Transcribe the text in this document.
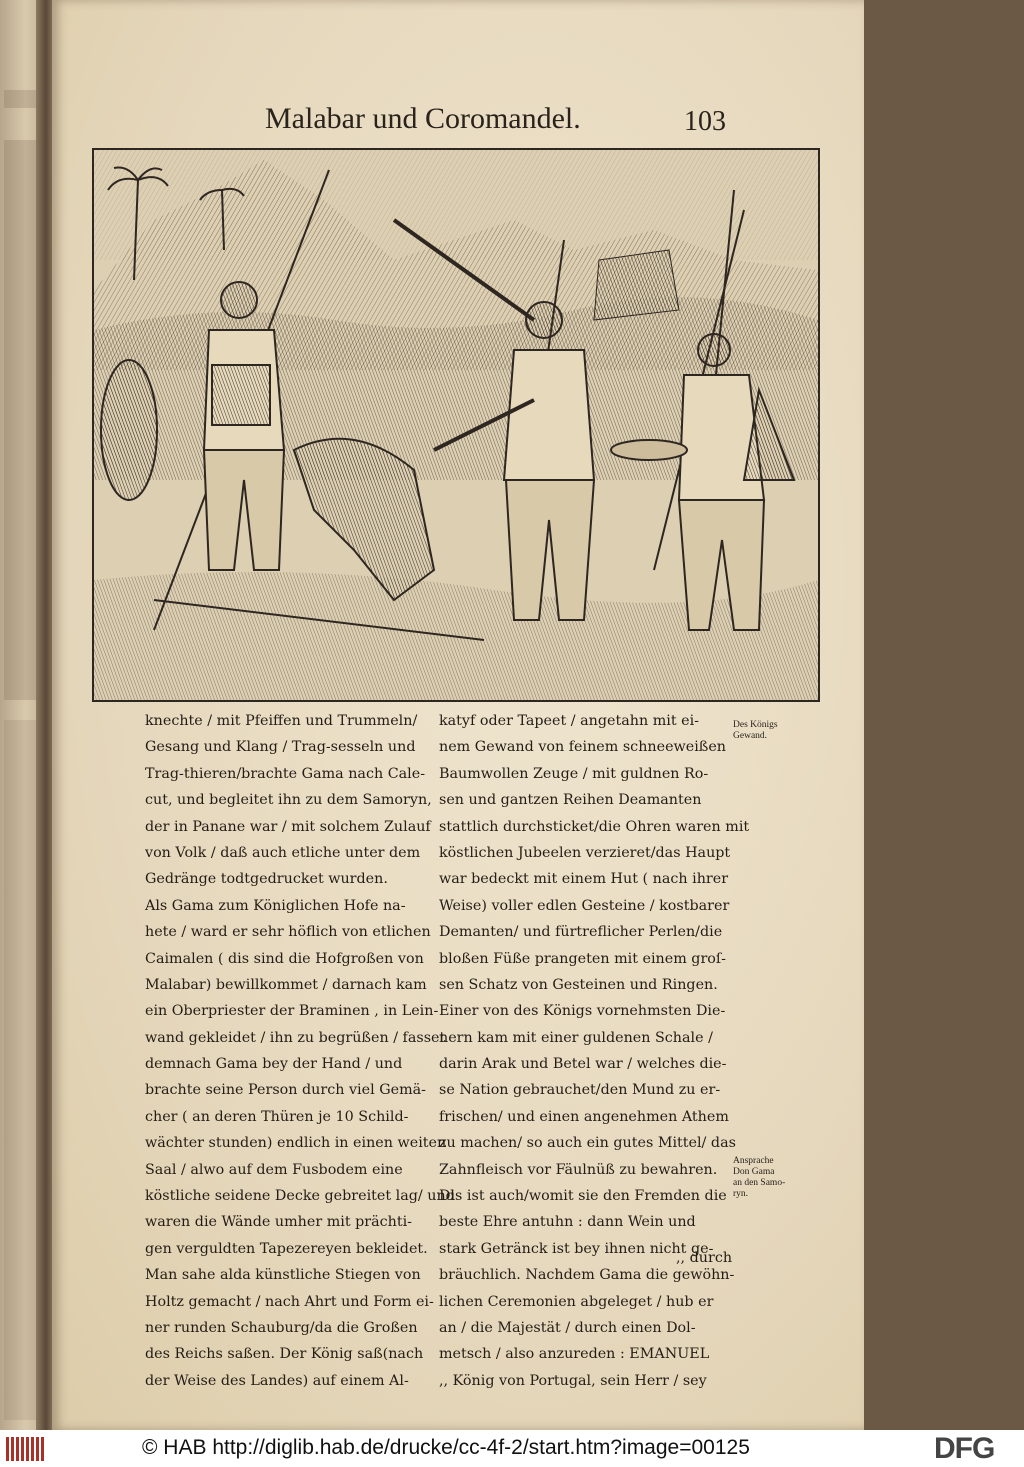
Malabar und Coromandel.	103
knechte / mit Pfeiffen und Trummeln/
Gesang und Klang / Trag-sesseln und
Trag-thieren/brachte Gama nach Cale-
cut, und begleitet ihn zu dem Samoryn,
der in Panane war / mit solchem Zulauf
von Volk / daß auch etliche unter dem
Gedränge todtgedrucket wurden.
Als Gama zum Königlichen Hofe na-
hete / ward er sehr höflich von etlichen
Caimalen ( dis sind die Hofgroßen von
Malabar) bewillkommet / darnach kam
ein Oberpriester der Braminen , in Lein-
wand gekleidet / ihn zu begrüßen / fasset
demnach Gama bey der Hand / und
brachte seine Person durch viel Gemä-
cher ( an deren Thüren je 10 Schild-
wächter stunden) endlich in einen weiten
Saal / alwo auf dem Fusbodem eine
köstliche seidene Decke gebreitet lag/ und
waren die Wände umher mit prächti-
gen verguldten Tapezereyen bekleidet.
Man sahe alda künstliche Stiegen von
Holtz gemacht / nach Ahrt und Form ei-
ner runden Schauburg/da die Großen
des Reichs saßen. Der König saß(nach
der Weise des Landes) auf einem Al-
katyf oder Tapeet / angetahn mit ei-
nem Gewand von feinem schneeweißen
Baumwollen Zeuge / mit guldnen Ro-
sen und gantzen Reihen Deamanten
stattlich durchsticket/die Ohren waren mit
köstlichen Jubeelen verzieret/das Haupt
war bedeckt mit einem Hut ( nach ihrer
Weise) voller edlen Gesteine / kostbarer
Demanten/ und fürtreflicher Perlen/die
bloßen Füße prangeten mit einem groſ-
sen Schatz von Gesteinen und Ringen.
Einer von des Königs vornehmsten Die-
nern kam mit einer guldenen Schale /
darin Arak und Betel war / welches die-
se Nation gebrauchet/den Mund zu er-
frischen/ und einen angenehmen Athem
zu machen/ so auch ein gutes Mittel/ das
Zahnfleisch vor Fäulnüß zu bewahren.
Dis ist auch/womit sie den Fremden die
beste Ehre antuhn : dann Wein und
stark Getränck ist bey ihnen nicht ge-
bräuchlich. Nachdem Gama die gewöhn-
lichen Ceremonien abgeleget / hub er
an / die Majestät / durch einen Dol-
metsch / also anzureden : EMANUEL
,, König von Portugal, sein Herr / sey
,, durch
Des Königs
Gewand.
Ansprache
Don Gama
an den Samo-
ryn.
© HAB http://diglib.hab.de/drucke/cc-4f-2/start.htm?image=00125	DFG
